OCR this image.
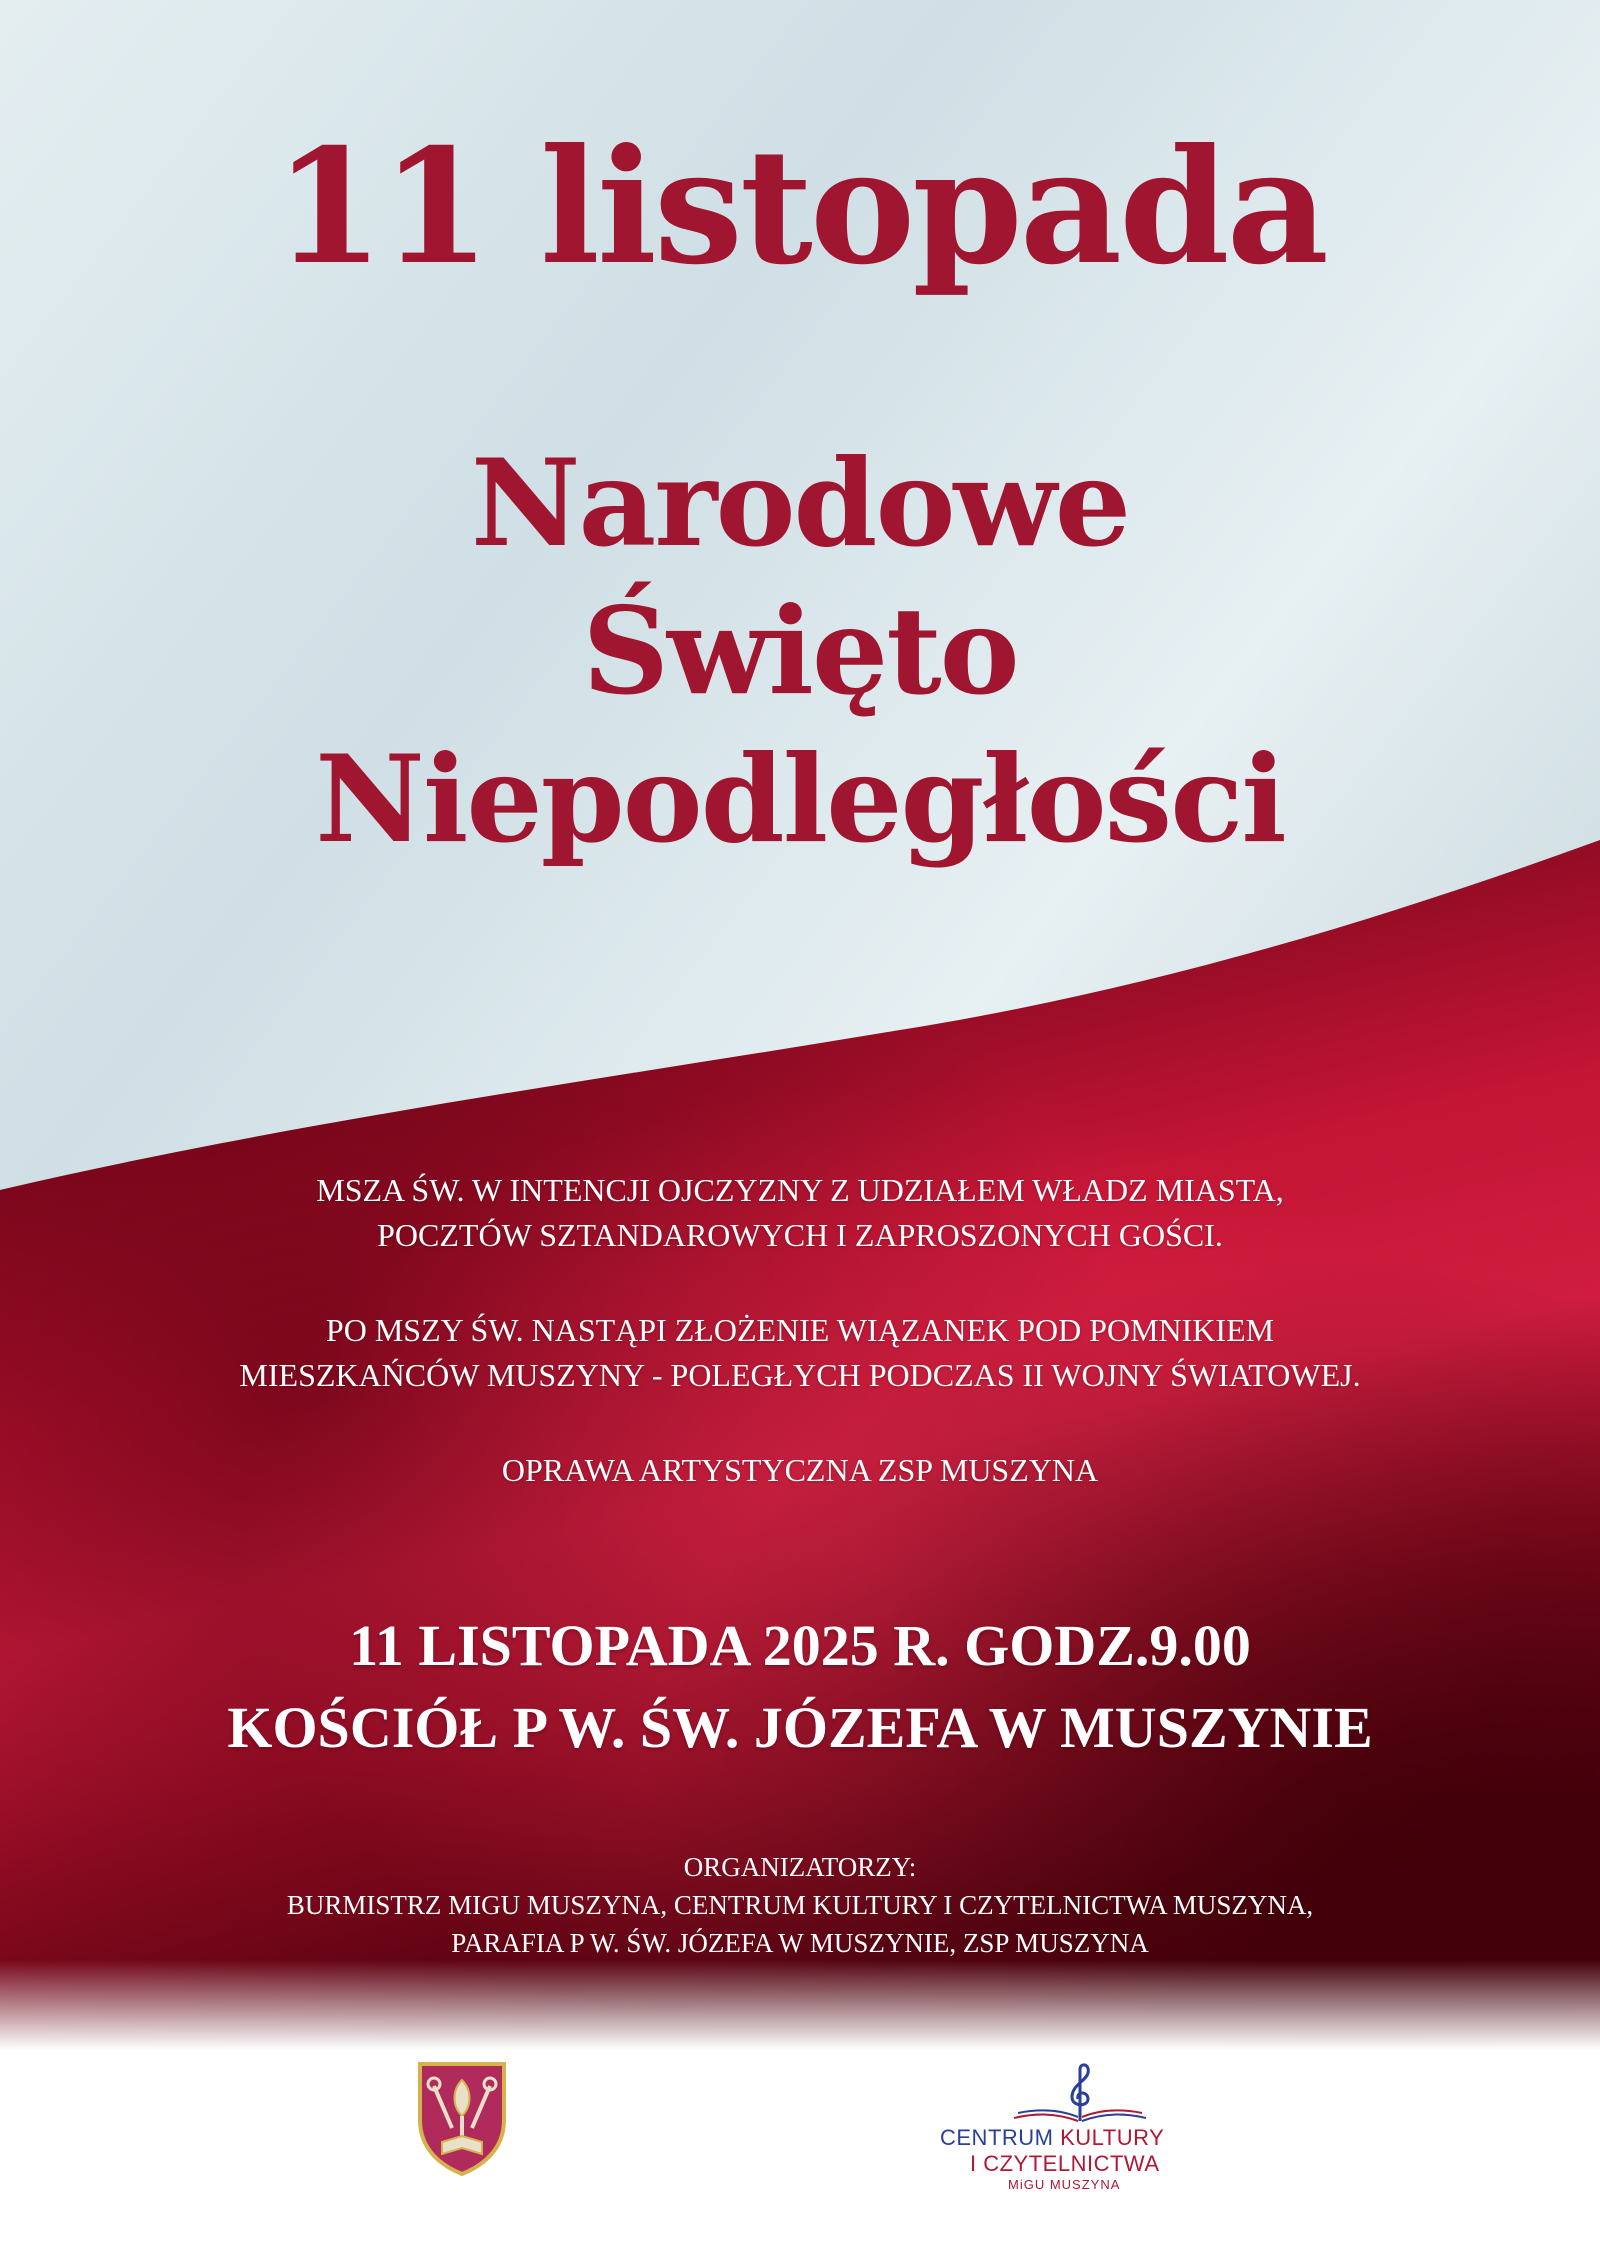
11 listopada
Narodowe
Święto
Niepodległości

MSZA ŚW. W INTENCJI OJCZYZNY Z UDZIAŁEM WŁADZ MIASTA,
POCZTÓW SZTANDAROWYCH I ZAPROSZONYCH GOŚCI.

PO MSZY ŚW. NASTĄPI ZŁOŻENIE WIĄZANEK POD POMNIKIEM
MIESZKAŃCÓW MUSZYNY - POLEGŁYCH PODCZAS II WOJNY ŚWIATOWEJ.

OPRAWA ARTYSTYCZNA ZSP MUSZYNA

11 LISTOPADA 2025 R. GODZ.9.00
KOŚCIÓŁ P W. ŚW. JÓZEFA W MUSZYNIE
ORGANIZATORZY:
BURMISTRZ MIGU MUSZYNA, CENTRUM KULTURY I CZYTELNICTWA MUSZYNA,
PARAFIA P W. ŚW. JÓZEFA W MUSZYNIE, ZSP MUSZYNA
CENTRUM KULTURY
I CZYTELNICTWA
MiGU MUSZYNA
